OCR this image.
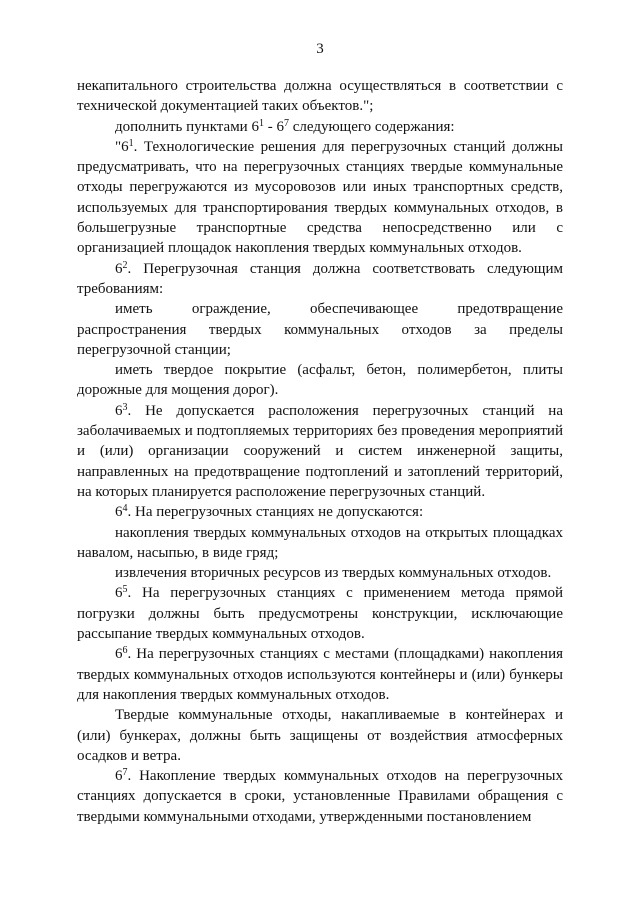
3

некапитального строительства должна осуществляться в соответствии с технической документацией таких объектов.";

дополнить пунктами $6^1 - 6^7$ следующего содержания:

"$6^1$. Технологические решения для перегрузочных станций должны предусматривать, что на перегрузочных станциях твердые коммунальные отходы перегружаются из мусоровозов или иных транспортных средств, используемых для транспортирования твердых коммунальных отходов, в большегрузные транспортные средства непосредственно или с организацией площадок накопления твердых коммунальных отходов.

$6^2$. Перегрузочная станция должна соответствовать следующим требованиям:

иметь ограждение, обеспечивающее предотвращение распространения твердых коммунальных отходов за пределы перегрузочной станции;

иметь твердое покрытие (асфальт, бетон, полимербетон, плиты дорожные для мощения дорог).

$6^3$. Не допускается расположения перегрузочных станций на заболачиваемых и подтопляемых территориях без проведения мероприятий и (или) организации сооружений и систем инженерной защиты, направленных на предотвращение подтоплений и затоплений территорий, на которых планируется расположение перегрузочных станций.

$6^4$. На перегрузочных станциях не допускаются:

накопления твердых коммунальных отходов на открытых площадках навалом, насыпью, в виде гряд;

извлечения вторичных ресурсов из твердых коммунальных отходов.

$6^5$. На перегрузочных станциях с применением метода прямой погрузки должны быть предусмотрены конструкции, исключающие рассыпание твердых коммунальных отходов.

$6^6$. На перегрузочных станциях с местами (площадками) накопления твердых коммунальных отходов используются контейнеры и (или) бункеры для накопления твердых коммунальных отходов.

Твердые коммунальные отходы, накапливаемые в контейнерах и (или) бункерах, должны быть защищены от воздействия атмосферных осадков и ветра.

$6^7$. Накопление твердых коммунальных отходов на перегрузочных станциях допускается в сроки, установленные Правилами обращения с твердыми коммунальными отходами, утвержденными постановлением
